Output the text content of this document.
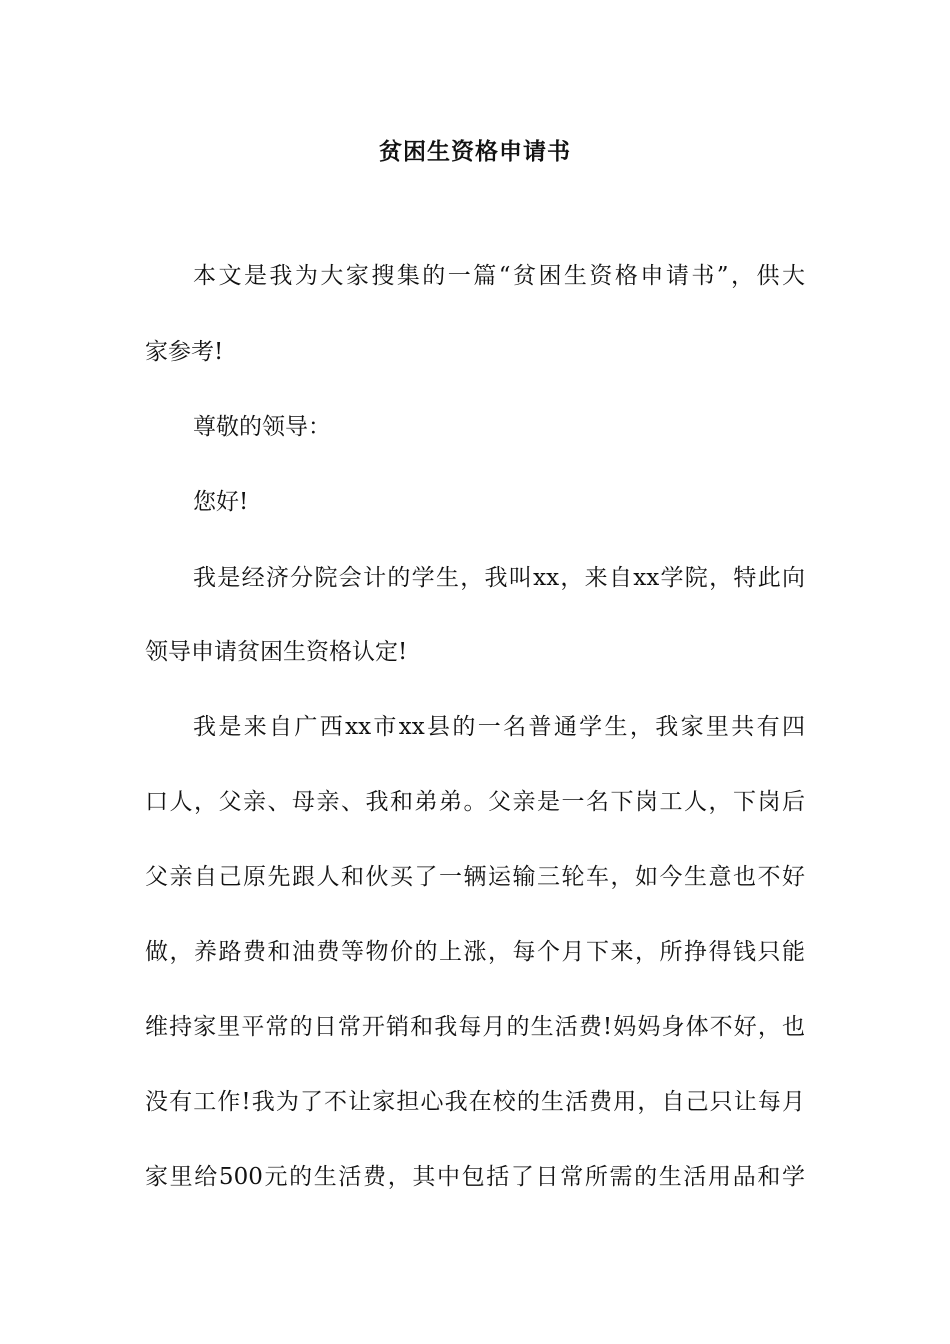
贫困生资格申请书

本文是我为大家搜集的一篇“贫困生资格申请书”，供大

家参考!

尊敬的领导：

您好!

我是经济分院会计的学生，我叫xx，来自xx学院，特此向

领导申请贫困生资格认定!

我是来自广西xx市xx县的一名普通学生，我家里共有四

口人，父亲、母亲、我和弟弟。父亲是一名下岗工人，下岗后

父亲自己原先跟人和伙买了一辆运输三轮车，如今生意也不好

做，养路费和油费等物价的上涨，每个月下来，所挣得钱只能

维持家里平常的日常开销和我每月的生活费!妈妈身体不好，也

没有工作!我为了不让家担心我在校的生活费用，自己只让每月

家里给500元的生活费，其中包括了日常所需的生活用品和学
